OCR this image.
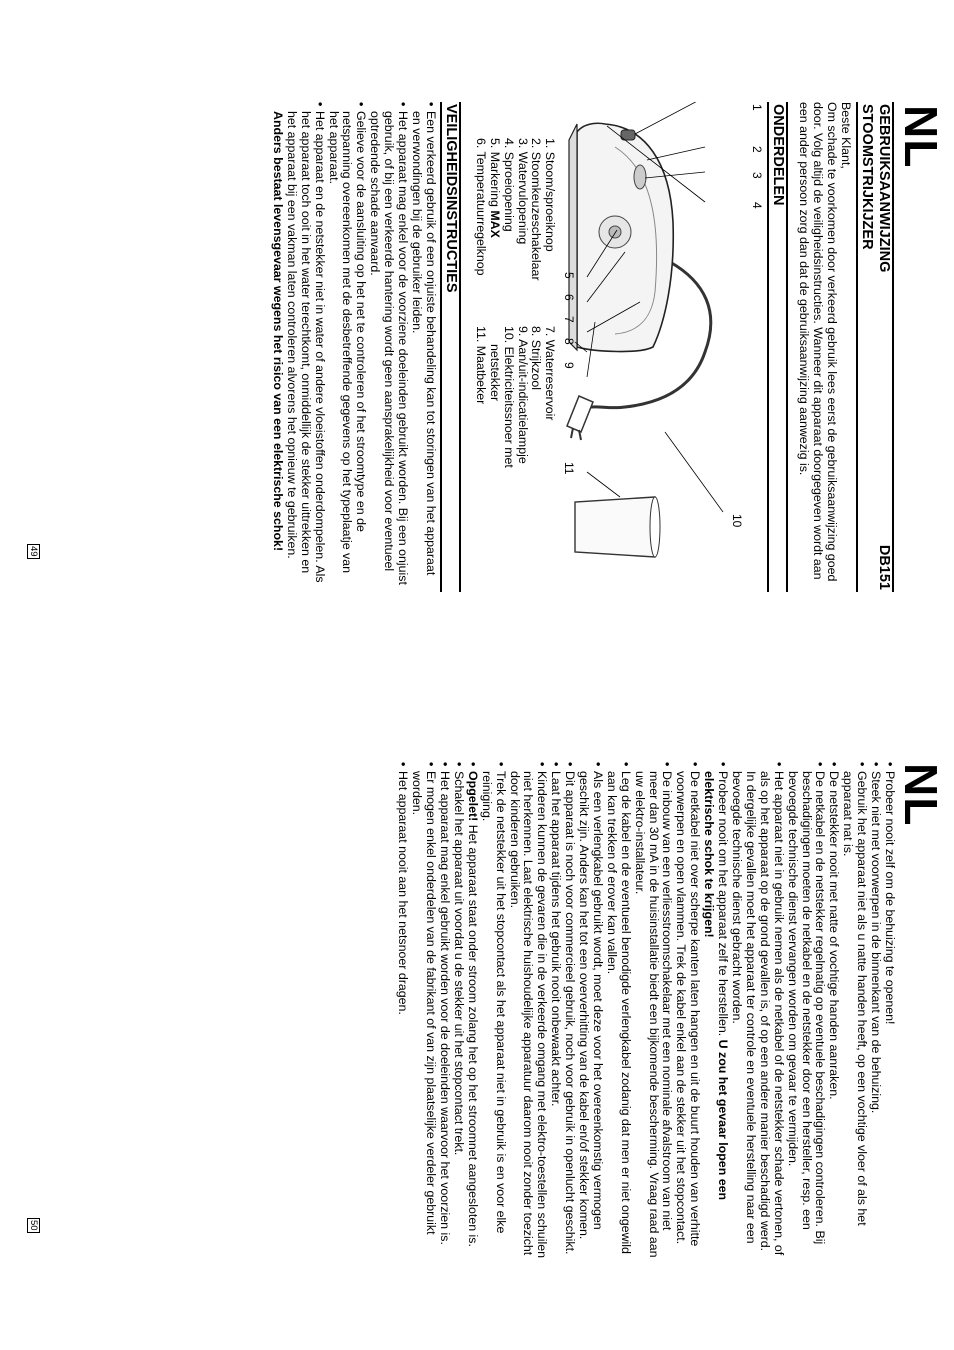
NL
GEBRUIKSAANWIJZING
DB151
STOOMSTRIJKIJZER

Beste Klant,

Om schade te voorkomen door verkeerd gebruik lees eerst de gebruiksaanwijzing goed door. Volg altijd de veiligheidsinstructies. Wanneer dit apparaat doorgegeven wordt aan een ander persoon zorg dan dat de gebruiksaanwijzing aanwezig is.

ONDERDELEN
1
2
3
4
5
6
7
8
9
10
11
1. Stoom/sproeiknop
2. Stoomkeuzeschakelaar
3. Watervulopening
4. Sproeiopening
5. Markering MAX
6. Temperatuurregelknop
7. Waterreservoir
8. Strijkzool
9. Aan/uit-indicatielampje
10. Elektriciteitssnoer met
netstekker
11. Maatbeker
VEILIGHEIDSINSTRUCTIES
•
Een verkeerd gebruik of een onjuiste behandeling kan tot storingen van het apparaat en verwondingen bij de gebruiker leiden.
•
Het apparaat mag enkel voor de voorziene doeleinden gebruikt worden. Bij een onjuist gebruik, of bij een verkeerde hantering wordt geen aansprakelijkheid voor eventueel optredende schade aanvaard.
•
Gelieve voor de aansluiting op het net te controleren of het stroomtype en de netspanning overeenkomen met de desbetreffende gegevens op het typeplaatje van het apparaat.
•
Het apparaat en de netstekker niet in water of andere vloeistoffen onderdompelen. Als het apparaat toch ooit in het water terechtkomt, onmiddellijk de stekker uittrekken en het apparaat bij een vakman laten controleren alvorens het opnieuw te gebruiken. Anders bestaat levensgevaar wegens het risico van een elektrische schok!
49
NL
•
Probeer nooit zelf om de behuizing te openen!
•
Steek niet met voorwerpen in de binnenkant van de behuizing.
•
Gebruik het apparaat niet als u natte handen heeft, op een vochtige vloer of als het apparaat nat is.
•
De netstekker nooit met natte of vochtige handen aanraken.
•
De netkabel en de netstekker regelmatig op eventuele beschadigingen controleren. Bij beschadigingen moeten de netkabel en de netstekker door een hersteller, resp. een bevoegde technische dienst vervangen worden om gevaar te vermijden.
•
Het apparaat niet in gebruik nemen als de netkabel of de netstekker schade vertonen, of als op het apparaat op de grond gevallen is, of op een andere manier beschadigd werd. In dergelijke gevallen moet het apparaat ter controle en eventuele herstelling naar een bevoegde technische dienst gebracht worden.
•
Probeer nooit om het apparaat zelf te herstellen. U zou het gevaar lopen een elektrische schok te krijgen!
•
De netkabel niet over scherpe kanten laten hangen en uit de buurt houden van verhitte voorwerpen en open vlammen. Trek de kabel enkel aan de stekker uit het stopcontact.
•
De inbouw van een verliesstroomschakelaar met een nominale afvalstroom van niet meer dan 30 mA in de huisinstallatie biedt een bijkomende bescherming. Vraag raad aan uw elektro-installateur.
•
Leg de kabel en de eventueel benodigde verlengkabel zodanig dat men er niet ongewild aan kan trekken of erover kan vallen.
•
Als een verlengkabel gebruikt wordt, moet deze voor het overeenkomstig vermogen geschikt zijn. Anders kan het tot een oververhitting van de kabel en/of stekker komen.
•
Dit apparaat is noch voor commercieel gebruik, noch voor gebruik in openlucht geschikt.
•
Laat het apparaat tijdens het gebruik nooit onbewaakt achter.
•
Kinderen kunnen de gevaren die in de verkeerde omgang met elektro-toestellen schuilen niet herkennen. Laat elektrische huishoudelijke apparatuur daarom nooit zonder toezicht door kinderen gebruiken.
•
Trek de netstekker uit het stopcontact als het apparaat niet in gebruik is en voor elke reiniging.
•
Opgelet! Het apparaat staat onder stroom zolang het op het stroomnet aangesloten is.
•
Schakel het apparaat uit voordat u de stekker uit het stopcontact trekt.
•
Het apparaat mag enkel gebruikt worden voor de doeleinden waarvoor het voorzien is.
•
Er mogen enkel onderdelen van de fabrikant of van zijn plaatselijke verdeler gebruikt worden.
•
Het apparaat nooit aan het netsnoer dragen.
50
